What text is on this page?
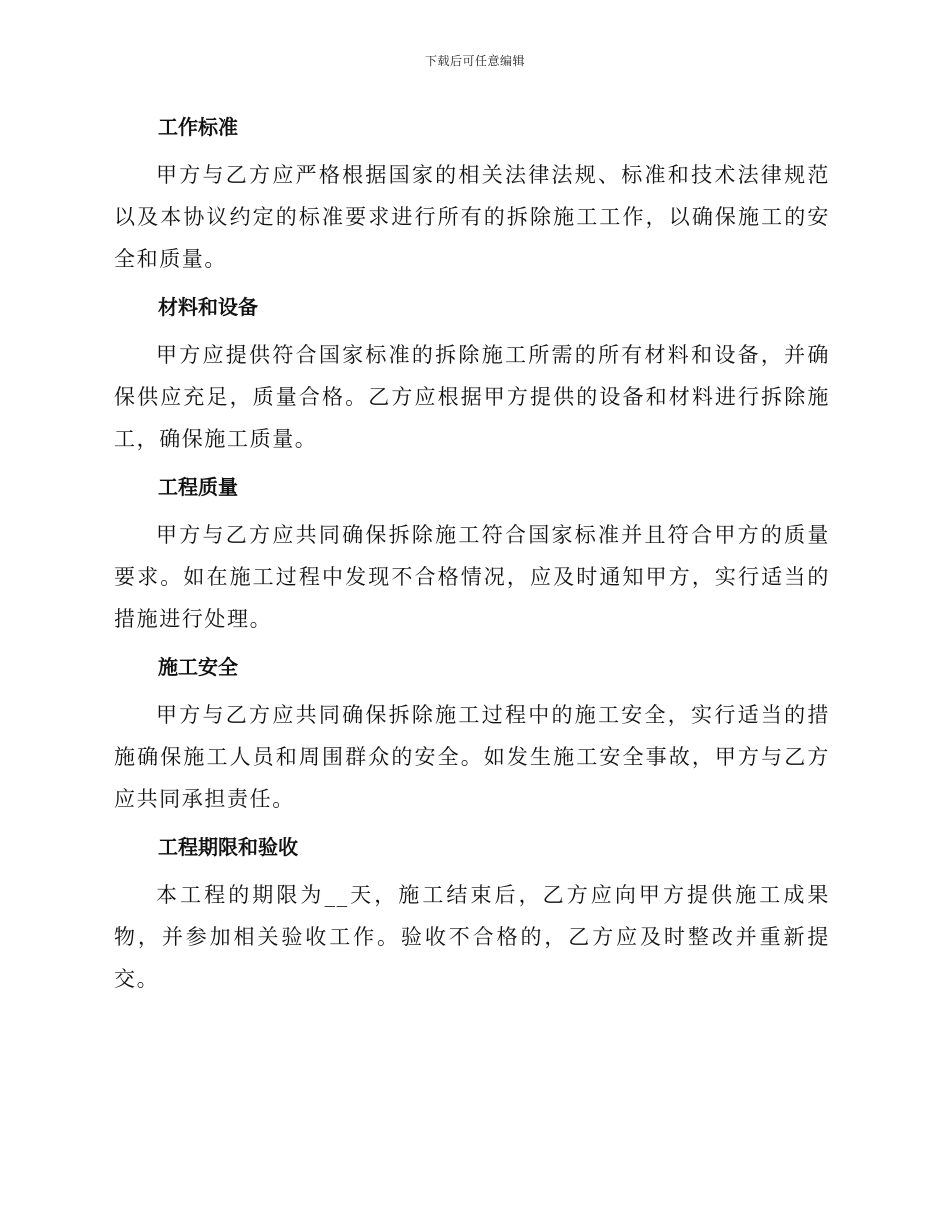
下载后可任意编辑
工作标准

甲方与乙方应严格根据国家的相关法律法规、标准和技术法律规范以及本协议约定的标准要求进行所有的拆除施工工作，以确保施工的安全和质量。

材料和设备

甲方应提供符合国家标准的拆除施工所需的所有材料和设备，并确保供应充足，质量合格。乙方应根据甲方提供的设备和材料进行拆除施工，确保施工质量。

工程质量

甲方与乙方应共同确保拆除施工符合国家标准并且符合甲方的质量要求。如在施工过程中发现不合格情况，应及时通知甲方，实行适当的措施进行处理。

施工安全

甲方与乙方应共同确保拆除施工过程中的施工安全，实行适当的措施确保施工人员和周围群众的安全。如发生施工安全事故，甲方与乙方应共同承担责任。

工程期限和验收

本工程的期限为__天，施工结束后，乙方应向甲方提供施工成果物，并参加相关验收工作。验收不合格的，乙方应及时整改并重新提交。
